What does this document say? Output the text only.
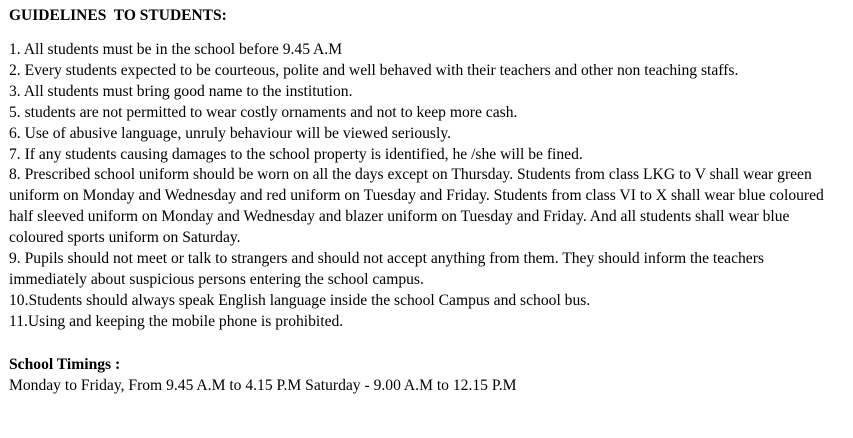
GUIDELINES  TO STUDENTS:
1. All students must be in the school before 9.45 A.M
2. Every students expected to be courteous, polite and well behaved with their teachers and other non teaching staffs.
3. All students must bring good name to the institution.
5. students are not permitted to wear costly ornaments and not to keep more cash.
6. Use of abusive language, unruly behaviour will be viewed seriously.
7. If any students causing damages to the school property is identified, he /she will be fined.
8. Prescribed school uniform should be worn on all the days except on Thursday. Students from class LKG to V shall wear green uniform on Monday and Wednesday and red uniform on Tuesday and Friday. Students from class VI to X shall wear blue coloured half sleeved uniform on Monday and Wednesday and blazer uniform on Tuesday and Friday. And all students shall wear blue coloured sports uniform on Saturday.
9. Pupils should not meet or talk to strangers and should not accept anything from them. They should inform the teachers immediately about suspicious persons entering the school campus.
10.Students should always speak English language inside the school Campus and school bus.
11.Using and keeping the mobile phone is prohibited.

School Timings :

Monday to Friday, From 9.45 A.M to 4.15 P.M Saturday - 9.00 A.M to 12.15 P.M
